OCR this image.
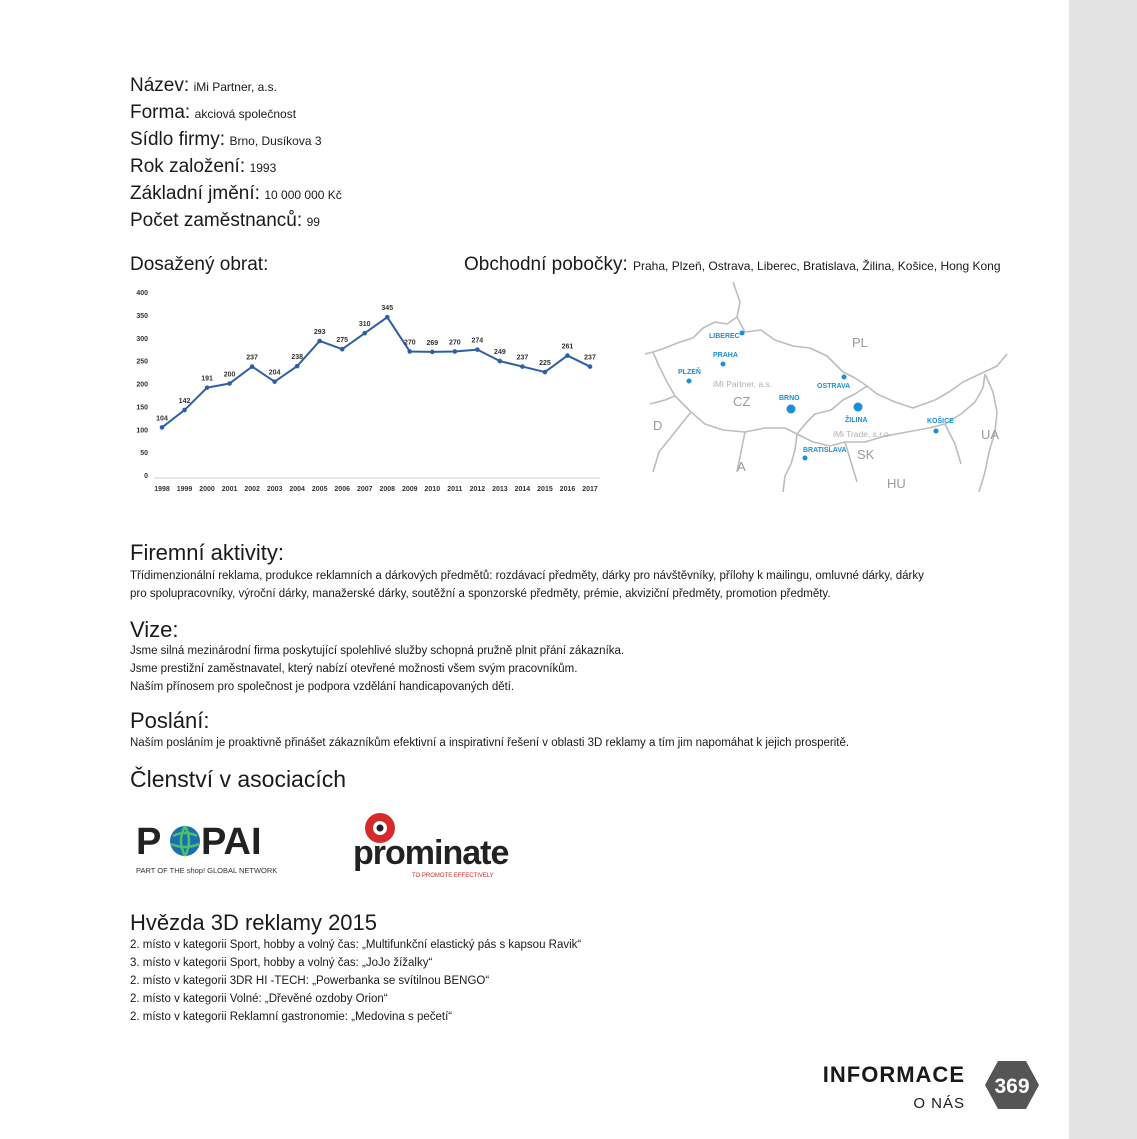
Název: iMi Partner, a.s.
Forma: akciová společnost
Sídlo firmy: Brno, Dusíkova 3
Rok založení: 1993
Základní jmění: 10 000 000 Kč
Počet zaměstnanců: 99
Dosažený obrat:	Obchodní pobočky: Praha, Plzeň, Ostrava, Liberec, Bratislava, Žilina, Košice, Hong Kong
400
350
300
250
200
150
100
50
0
1998 1999 2000 2001 2002 2003 2004 2005 2006 2007 2008 2009 2010 2011 2012 2013 2014 2015 2016 2017
104
142
191
200
237
204
238
293
275
310
345
270 269 270 274
249
237
225
261
237
PL
CZ
D
SK
UA
A
HU
iMi Partner, a.s.
iMi Trade, s.r.o.
LIBEREC
PRAHA
PLZEŇ
OSTRAVA
BRNO
ŽILINA	KOŠICE
BRATISLAVA
Firemní aktivity:
Třídimenzionální reklama, produkce reklamních a dárkových předmětů: rozdávací předměty, dárky pro návštěvníky, přílohy k mailingu, omluvné dárky, dárky
pro spolupracovníky, výroční dárky, manažerské dárky, soutěžní a sponzorské předměty, prémie, akviziční předměty, promotion předměty.
Vize:
Jsme silná mezinárodní firma poskytující spolehlivé služby schopná pružně plnit přání zákazníka.
Jsme prestižní zaměstnavatel, který nabízí otevřené možnosti všem svým pracovníkům.
Naším přínosem pro společnost je podpora vzdělání handicapovaných dětí.
Poslání:
Naším posláním je proaktivně přinášet zákazníkům efektivní a inspirativní řešení v oblasti 3D reklamy a tím jim napomáhat k jejich prosperitě.
Členství v asociacích
P PAI
PART OF THE shop! GLOBAL NETWORK prominate
TO PROMOTE EFFECTIVELY
Hvězda 3D reklamy 2015
2. místo v kategorii Sport, hobby a volný čas: „Multifunkční elastický pás s kapsou Ravik“
3. místo v kategorii Sport, hobby a volný čas: „JoJo žížalky“
2. místo v kategorii 3DR HI -TECH: „Powerbanka se svítilnou BENGO“
2. místo v kategorii Volné: „Dřevěné ozdoby Orion“
2. místo v kategorii Reklamní gastronomie: „Medovina s pečetí“
INFORMACE
O NÁS
369
